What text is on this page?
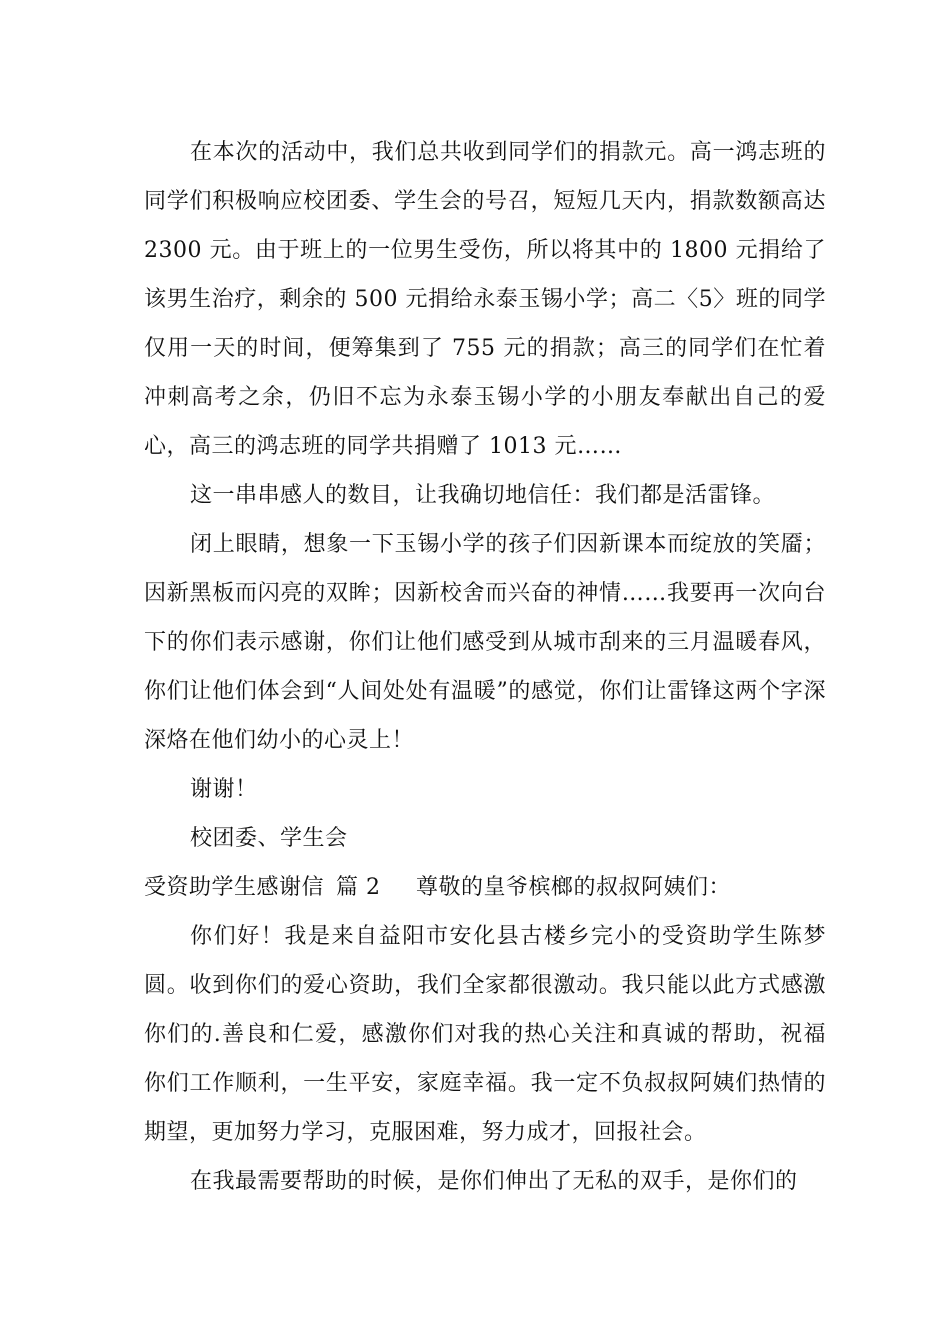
在本次的活动中，我们总共收到同学们的捐款元。高一鸿志班的同学们积极响应校团委、学生会的号召，短短几天内，捐款数额高达 2300 元。由于班上的一位男生受伤，所以将其中的 1800 元捐给了该男生治疗，剩余的 500 元捐给永泰玉锡小学；高二〈5〉班的同学仅用一天的时间，便筹集到了 755 元的捐款；高三的同学们在忙着冲刺高考之余，仍旧不忘为永泰玉锡小学的小朋友奉献出自己的爱心，高三的鸿志班的同学共捐赠了 1013 元……

这一串串感人的数目，让我确切地信任：我们都是活雷锋。

闭上眼睛，想象一下玉锡小学的孩子们因新课本而绽放的笑靥；因新黑板而闪亮的双眸；因新校舍而兴奋的神情……我要再一次向台下的你们表示感谢，你们让他们感受到从城市刮来的三月温暖春风，你们让他们体会到“人间处处有温暖”的感觉，你们让雷锋这两个字深深烙在他们幼小的心灵上！

谢谢！

校团委、学生会

受资助学生感谢信 篇 2 尊敬的皇爷槟榔的叔叔阿姨们：

你们好！我是来自益阳市安化县古楼乡完小的受资助学生陈梦圆。收到你们的爱心资助，我们全家都很激动。我只能以此方式感激你们的.善良和仁爱，感激你们对我的热心关注和真诚的帮助，祝福你们工作顺利，一生平安，家庭幸福。我一定不负叔叔阿姨们热情的期望，更加努力学习，克服困难，努力成才，回报社会。

在我最需要帮助的时候，是你们伸出了无私的双手，是你们的
